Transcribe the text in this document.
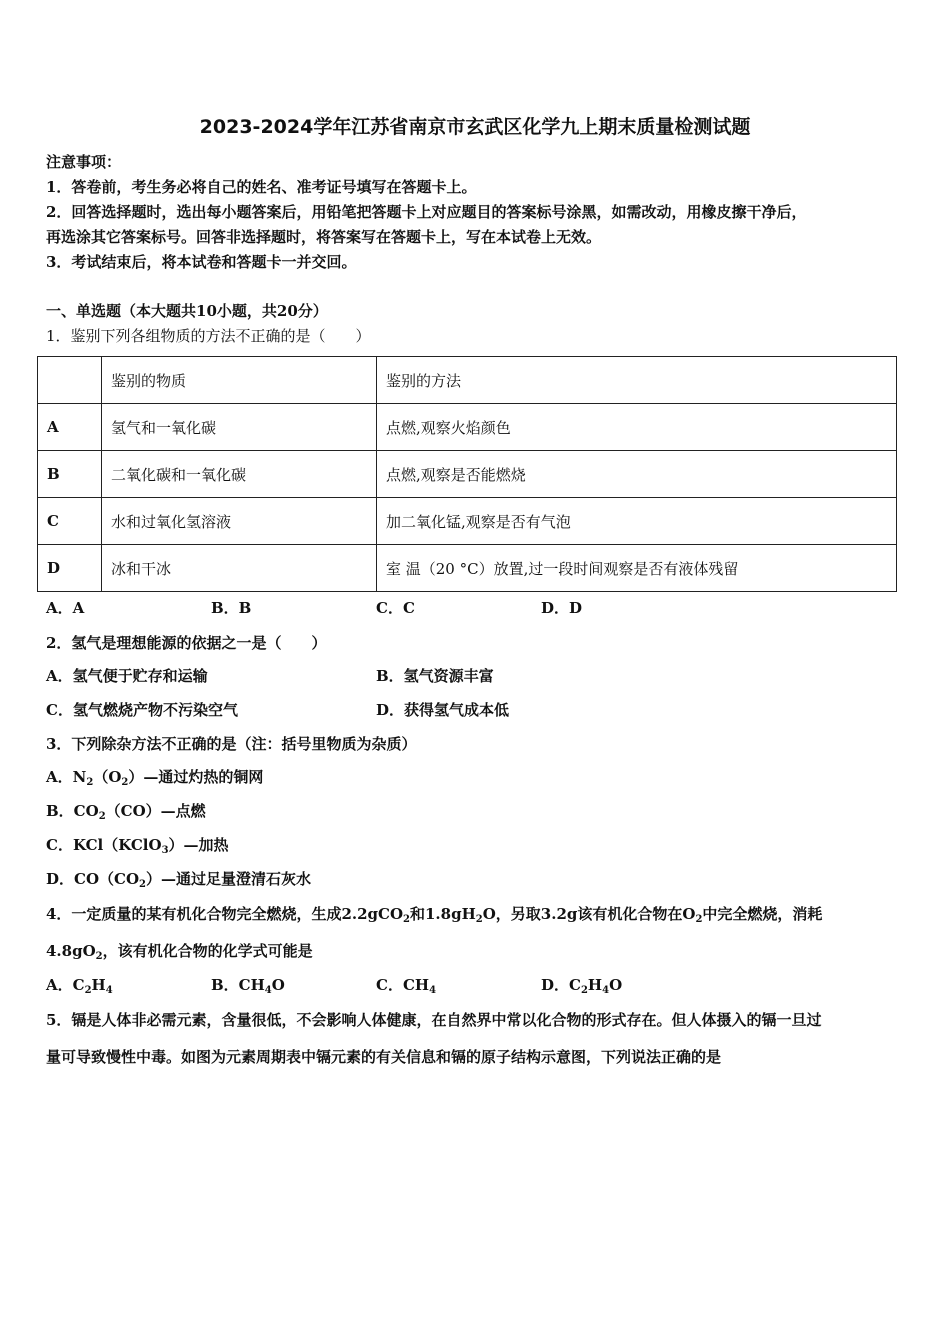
2023-2024学年江苏省南京市玄武区化学九上期末质量检测试题
注意事项：
1．答卷前，考生务必将自己的姓名、准考证号填写在答题卡上。
2．回答选择题时，选出每小题答案后，用铅笔把答题卡上对应题目的答案标号涂黑，如需改动，用橡皮擦干净后，
再选涂其它答案标号。回答非选择题时，将答案写在答题卡上，写在本试卷上无效。
3．考试结束后，将本试卷和答题卡一并交回。
一、单选题（本大题共10小题，共20分）
1．鉴别下列各组物质的方法不正确的是（　　）
	鉴别的物质	鉴别的方法
A	氢气和一氧化碳	点燃,观察火焰颜色
B	二氧化碳和一氧化碳	点燃,观察是否能燃烧
C	水和过氧化氢溶液	加二氧化锰,观察是否有气泡
D	冰和干冰	室 温（20 °C）放置,过一段时间观察是否有液体残留
A．A	B．B	C．C	D．D
2．氢气是理想能源的依据之一是（　　）
A．氢气便于贮存和运输	B．氢气资源丰富
C．氢气燃烧产物不污染空气	D．获得氢气成本低
3．下列除杂方法不正确的是（注：括号里物质为杂质）
A．$N_2(O_2)—$通过灼热的铜网
B．$CO_2(CO)—$点燃
C．KCl（KClO$_3$）—加热
D．$CO(CO_2)—$通过足量澄清石灰水
4．一定质量的某有机化合物完全燃烧，生成2.2gCO$_2$和$1.8gH_2O$，另取3.2g该有机化合物在$O_2$中完全燃烧，消耗
$4.8gO_2$，该有机化合物的化学式可能是
A．$C_2H_4$	B．$CH_4O$	C．$CH_4$	D．$C_2H_4O$
5．镉是人体非必需元素，含量很低，不会影响人体健康，在自然界中常以化合物的形式存在。但人体摄入的镉一旦过
量可导致慢性中毒。如图为元素周期表中镉元素的有关信息和镉的原子结构示意图，下列说法正确的是
